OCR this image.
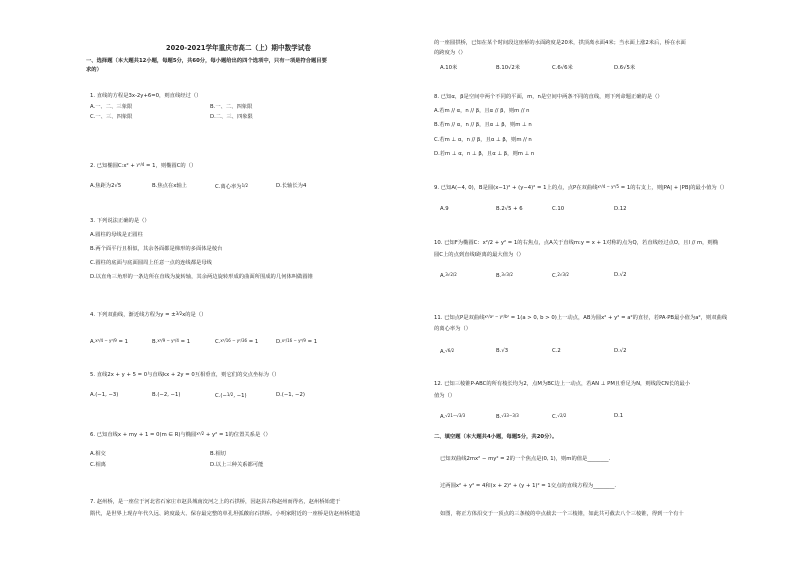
2020-2021学年重庆市高二（上）期中数学试卷
一、选择题（本大题共12小题，每题5分，共60分，每小题给出的四个选项中，只有一项是符合题目要
求的）
1. 直线的方程是3x-2y+6=0，则直线经过（）
A.一、二、三象限	B.一、二、四象限
C.一、三、四象限	D.二、三、四象限
2. 已知椭圆C:x² + y²/4 = 1，则椭圆C的（）
A.焦距为2√5	B.焦点在x轴上	C.离心率为1/2	D.长轴长为4
3. 下列说法正确的是（）
A.圆柱的母线是正圆柱
B.两个面平行且相似，其余各面都是梯形的多面体是棱台
C.圆柱的底面与底面圆周上任意一点的连线都是母线
D.以直角三角形的一条边所在直线为旋转轴，其余两边旋转形成的曲面所围成的几何体叫做圆锥
4. 下列双曲线，渐近线方程为y = ±3/2x的是（）
A.x²/4 − y²/9 = 1	B.x²/9 − y²/4 = 1	C.x²/16 − y²/36 = 1	D.x²/16 − y²/9 = 1
5. 直线2x + y + 5 = 0与直线kx + 2y = 0互相垂直，则它们的交点坐标为（）
A.(−1, −3)	B.(−2, −1)	C.(−1/2, −1)	D.(−1, −2)
6. 已知直线x + my + 1 = 0(m ∈ R)与椭圆x²/2 + y² = 1的位置关系是（）
A.相交	B.相切
C.相离	D.以上三种关系都可能
7. 赵州桥，是一座位于河北省石家庄市赵县城南洨河之上的石拱桥，因赵县古称赵州而得名，赵州桥始建于
隋代，是世界上现存年代久远、跨度最大、保存最完整的单孔坦弧敞肩石拱桥。小明家附近的一座桥是仿赵州桥建造
的一座圆拱桥，已知在某个时间段这座桥的水面跨度是20米，拱顶离水面4米；当水面上涨2米后，桥在水面
的跨度为（）
A.10米	B.10√2米	C.6√6米	D.6√5米
8. 已知α，β是空间中两个不同的平面，m，n是空间中两条不同的直线，则下列命题正确的是（）
A.若m // α，n // β，且α // β，则m // n
B.若m // α，n // β，且α ⊥ β，则m ⊥ n
C.若m ⊥ α，n // β，且α ⊥ β，则m // n
D.若m ⊥ α，n ⊥ β，且α ⊥ β，则m ⊥ n
9. 已知A(−4, 0)，B是圆(x−1)² + (y−4)² = 1上的点，点P在双曲线x²/4 − y²/5 = 1的右支上，则|PA| + |PB|的最小值为（）
A.9	B.2√5 + 6	C.10	D.12
10. 已知F为椭圆C：x²/2 + y² = 1的右焦点，点A关于直线m:y = x + 1对称的点为Q，若直线经过点O，且l // m，则椭
圆C上的点到直线l距离的最大值为（）
A.3√2/2	B.3√3/2	C.2√3/2	D.√2
11. 已知点P是双曲线x²/a² − y²/b² = 1(a > 0, b > 0)上一动点，AB为圆x² + y² = a²的直径，若PA·PB最小值为a²，则双曲线
的离心率为（）
A.√6/2	B.√3	C.2	D.√2
12. 已知三棱锥P-ABC的所有棱长均为2，点M为BC边上一动点，若AN ⊥ PM且垂足为N，则线段CN长的最小
值为（）
A.√21−√3/3	B.√33−3/3	C.√2/2	D.1
二、填空题（本大题共4小题，每题5分，共20分）。
已知双曲线2mx² − my² = 2的一个焦点是(0, 1)，则m的值是________.
过两圆x² + y² = 4和(x + 2)² + (y + 1)² = 1交点的直线方程为________.
如图，将正方体沿交于一顶点的三条棱的中点截去一个三棱锥，如此共可截去八个三棱锥，得到一个有十
